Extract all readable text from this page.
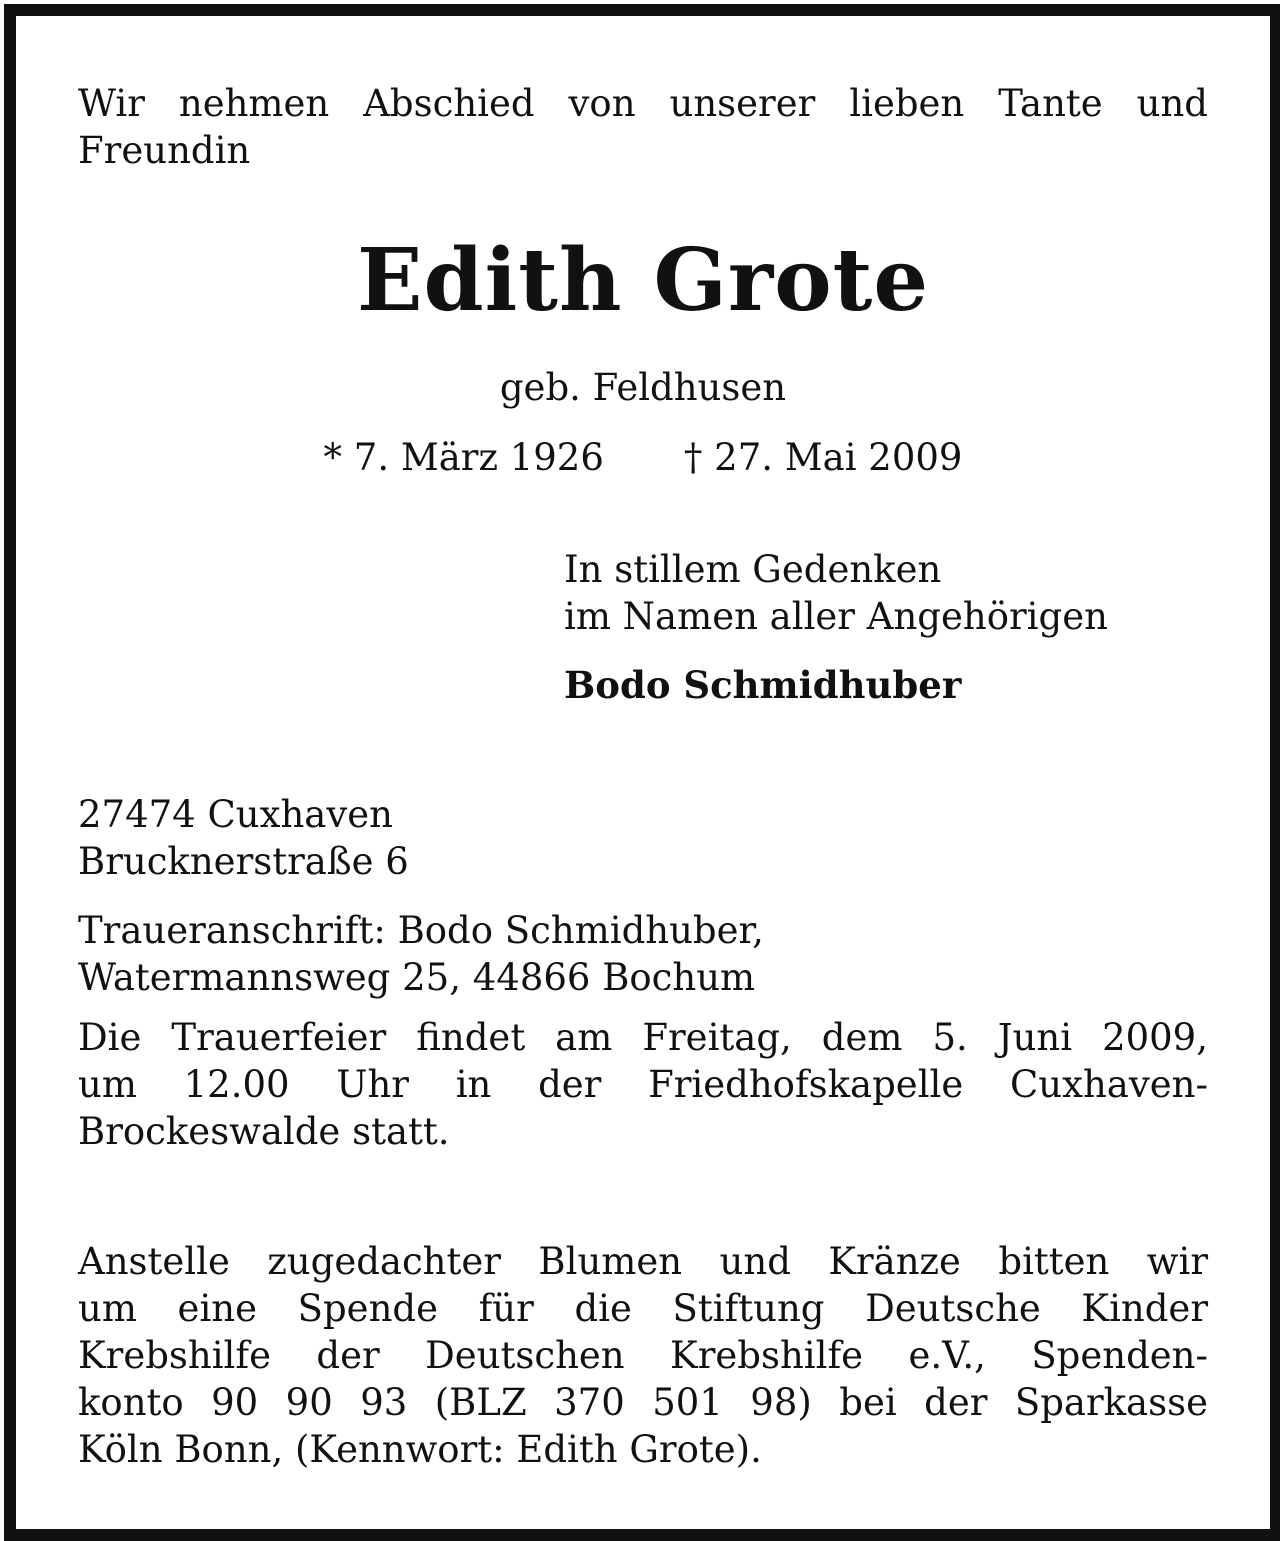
Wir nehmen Abschied von unserer lieben Tante und
Freundin
Edith Grote
geb. Feldhusen
* 7. März 1926 † 27. Mai 2009
In stillem Gedenken
im Namen aller Angehörigen
Bodo Schmidhuber
27474 Cuxhaven
Brucknerstraße 6
Traueranschrift: Bodo Schmidhuber,
Watermannsweg 25, 44866 Bochum
Die Trauerfeier findet am Freitag, dem 5. Juni 2009,
um 12.00 Uhr in der Friedhofskapelle Cuxhaven-
Brockeswalde statt.
Anstelle zugedachter Blumen und Kränze bitten wir
um eine Spende für die Stiftung Deutsche Kinder
Krebshilfe der Deutschen Krebshilfe e.V., Spenden-
konto 90 90 93 (BLZ 370 501 98) bei der Sparkasse
Köln Bonn, (Kennwort: Edith Grote).
